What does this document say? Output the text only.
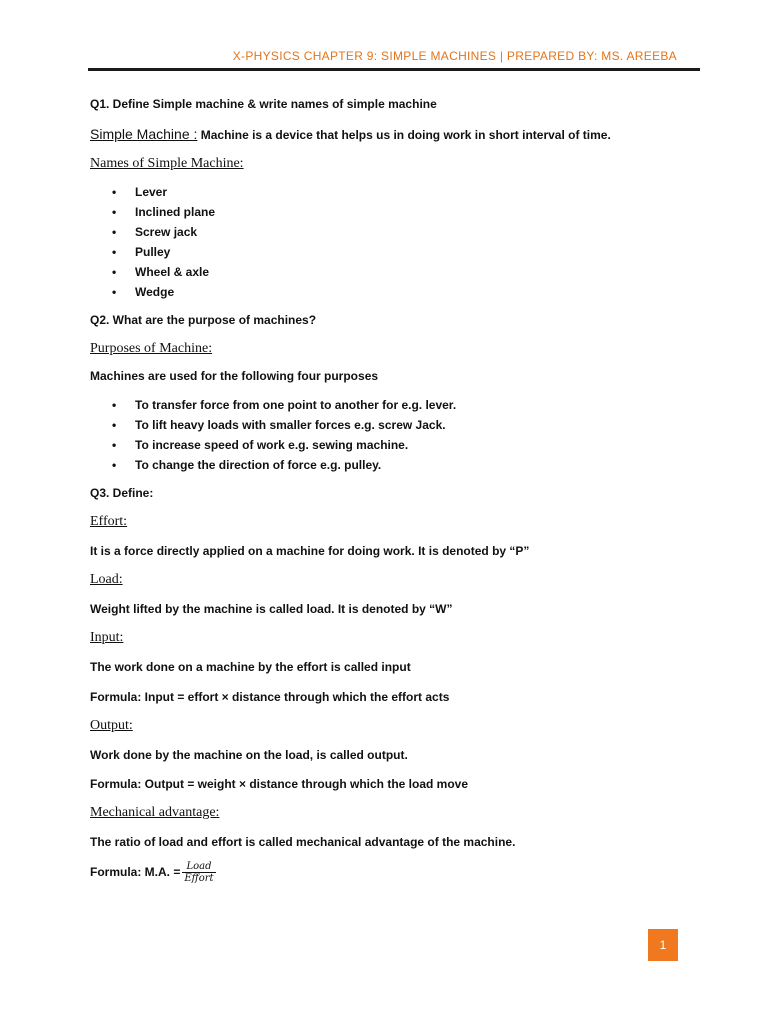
X-PHYSICS CHAPTER 9: SIMPLE MACHINES | PREPARED BY: MS. AREEBA

Q1. Define Simple machine & write names of simple machine

Simple Machine : Machine is a device that helps us in doing work in short interval of time.

Names of Simple Machine:
• Lever
• Inclined plane
• Screw jack
• Pulley
• Wheel & axle
• Wedge

Q2. What are the purpose of machines?

Purposes of Machine:

Machines are used for the following four purposes

• To transfer force from one point to another for e.g. lever.
• To lift heavy loads with smaller forces e.g. screw Jack.
• To increase speed of work e.g. sewing machine.
• To change the direction of force e.g. pulley.

Q3. Define:

Effort:

It is a force directly applied on a machine for doing work. It is denoted by “P”

Load:

Weight lifted by the machine is called load. It is denoted by “W”

Input:

The work done on a machine by the effort is called input

Formula: Input = effort × distance through which the effort acts

Output:

Work done by the machine on the load, is called output.

Formula: Output = weight × distance through which the load move

Mechanical advantage:

The ratio of load and effort is called mechanical advantage of the machine.

Formula: M.A. = $\frac{\text{Load}}{\text{Effort}}$

1
